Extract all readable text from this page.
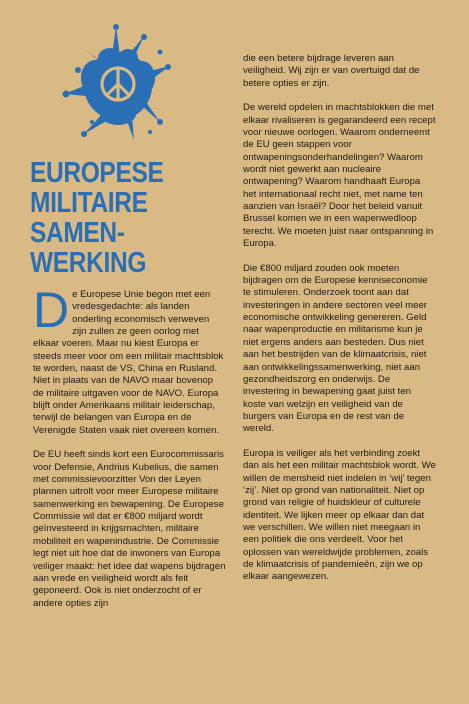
EUROPESE
MILITAIRE
SAMEN-
WERKING

De Europese Unie begon met een vredesgedachte: als landen onderling economisch verweven zijn zullen ze geen oorlog met elkaar voeren. Maar nu kiest Europa er steeds meer voor om een militair machtsblok te worden, naast de VS, China en Rusland. Niet in plaats van de NAVO maar bovenop de militaire uitgaven voor de NAVO. Europa blijft onder Amerikaans militair leiderschap, terwijl de belangen van Europa en de Verenigde Staten vaak niet overeen komen.

De EU heeft sinds kort een Eurocommissaris voor Defensie, Andrius Kubelius, die samen met commissievoorzitter Von der Leyen plannen uitrolt voor meer Europese militaire samenwerking en bewapening. De Europese Commissie wil dat er €800 miljard wordt geïnvesteerd in krijgsmachten, militaire mobiliteit en wapenindustrie. De Commissie legt niet uit hoe dat de inwoners van Europa veiliger maakt: het idee dat wapens bijdragen aan vrede en veiligheid wordt als feit geponeerd. Ook is niet onderzocht of er andere opties zijn

die een betere bijdrage leveren aan veiligheid. Wij zijn er van overtuigd dat de betere opties er zijn.

De wereld opdelen in machtsblokken die met elkaar rivaliseren is gegarandeerd een recept voor nieuwe oorlogen. Waarom onderneemt de EU geen stappen voor ontwapeningsonderhandelingen? Waarom wordt niet gewerkt aan nucleaire ontwapening? Waarom handhaaft Europa het internationaal recht niet, met name ten aanzien van Israël? Door het beleid vanuit Brussel komen we in een wapenwedloop terecht. We moeten juist naar ontspanning in Europa.

Die €800 miljard zouden ook moeten bijdragen om de Europese kenniseconomie te stimuleren. Onderzoek toont aan dat investeringen in andere sectoren veel meer economische ontwikkeling genereren. Geld naar wapenproductie en militarisme kun je niet ergens anders aan besteden. Dus niet aan het bestrijden van de klimaatcrisis, niet aan ontwikkelingssamenwerking, niet aan gezondheidszorg en onderwijs. De investering in bewapening gaat juist ten koste van welzijn en veiligheid van de burgers van Europa en de rest van de wereld.

Europa is veiliger als het verbinding zoekt dan als het een militair machtsblok wordt. We willen de mensheid niet indelen in ‘wij’ tegen ‘zij’. Niet op grond van nationaliteit. Niet op grond van religie of huidskleur of culturele identiteit. We lijken meer op elkaar dan dat we verschillen. We willen niet meegaan in een politiek die ons verdeelt. Voor het oplossen van wereldwijde problemen, zoals de klimaatcrisis of pandemieën, zijn we op elkaar aangewezen.
